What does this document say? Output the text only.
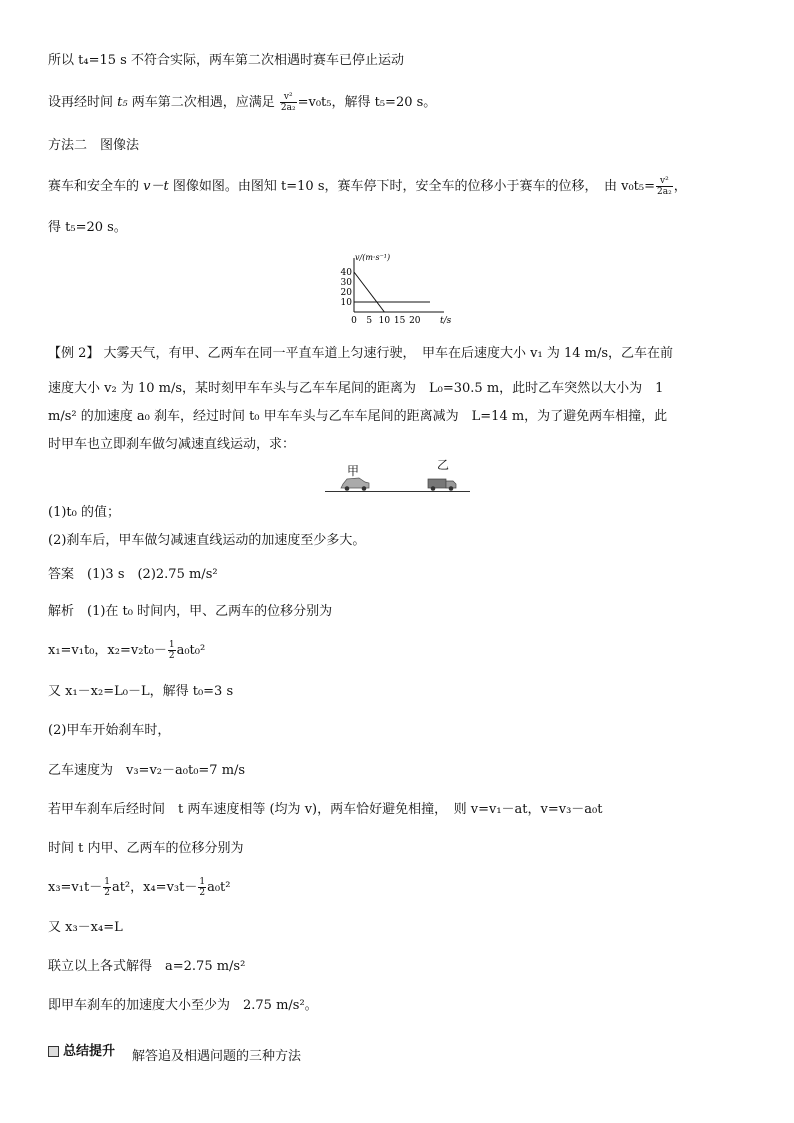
所以 t₄=15 s 不符合实际，两车第二次相遇时赛车已停止运动
设再经时间 t₅ 两车第二次相遇，应满足 $\frac{\text{v²}}{\text{2a₂}} =v_0t_5$，解得 t₅=20 s。
方法二　图像法
赛车和安全车的 v－t 图像如图。由图知 t=10 s，赛车停下时，安全车的位移小于赛车的位移，　由 $v_0t_5= \frac{\text{v²}}{\text{2a₂}}$ ，
得 t₅=20 s。
v/(m·s⁻¹)
t/s
40
30
20
10
0 5 10 15 20
【例 2】 大雾天气，有甲、乙两车在同一平直车道上匀速行驶，　甲车在后速度大小 v₁ 为 14 m/s，乙车在前
速度大小 v₂ 为 10 m/s，某时刻甲车车头与乙车车尾间的距离为　L₀=30.5 m，此时乙车突然以大小为　1
m/s² 的加速度 a₀ 刹车，经过时间 t₀ 甲车车头与乙车车尾间的距离减为　L=14 m，为了避免两车相撞，此
时甲车也立即刹车做匀减速直线运动，求：
甲	乙
(1)t₀ 的值；
(2)刹车后，甲车做匀减速直线运动的加速度至少多大。
答案　(1)3 s　(2)2.75 m/s²
解析　(1)在 t₀ 时间内，甲、乙两车的位移分别为
x₁=v₁t₀，$x_2=v_2t_0- \frac{1}{2} a_0t_0^2$
又 x₁－x₂=L₀－L，解得 t₀=3 s
(2)甲车开始刹车时，
乙车速度为　v₃=v₂－a₀t₀=7 m/s
若甲车刹车后经时间　t 两车速度相等 (均为 v)，两车恰好避免相撞，　则 v=v₁－at，v=v₃－a₀t
时间 t 内甲、乙两车的位移分别为
$x_3=v_1t- \frac{1}{2} at^2$，$x_4=v_3t- \frac{1}{2} a_0t^2$
又 x₃－x₄=L
联立以上各式解得　a=2.75 m/s²
即甲车刹车的加速度大小至少为　2.75 m/s²。
总结提升 解答追及相遇问题的三种方法
